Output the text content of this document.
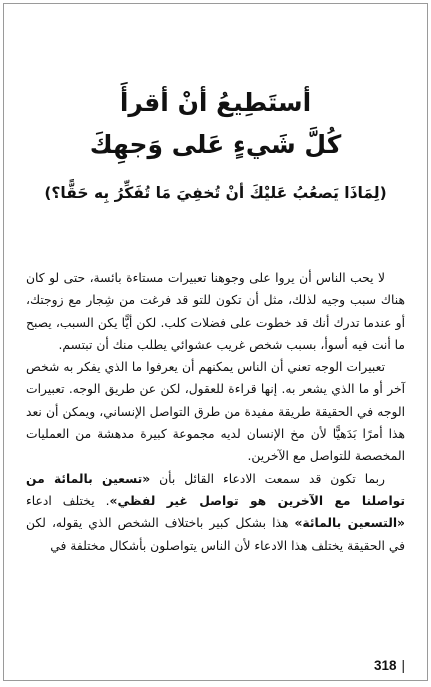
أستَطِيعُ أنْ أقرأَ
كُلَّ شَيءٍ عَلى وَجهِكَ
(لِمَاذَا يَصعُبُ عَليْكَ أنْ تُخفِيَ مَا تُفَكِّرُ بِه حَقًّا؟)

لا يحب الناس أن يروا على وجوهنا تعبيرات مستاءة بائسة، حتى لو كان هناك سبب وجيه لذلك، مثل أن تكون للتو قد فرغت من شِجار مع زوجتك، أو عندما تدرك أنك قد خطوت على فضلات كلب. لكن أيًّا يكن السبب، يصبح ما أنت فيه أسوأ، بسبب شخص غريب عشوائي يطلب منك أن تبتسم.

تعبيرات الوجه تعني أن الناس يمكنهم أن يعرفوا ما الذي يفكر به شخص آخر أو ما الذي يشعر به. إنها قراءة للعقول، لكن عن طريق الوجه. تعبيرات الوجه في الحقيقة طريقة مفيدة من طرق التواصل الإنساني، ويمكن أن نعد هذا أمرًا بَدَهيًّا لأن مخ الإنسان لديه مجموعة كبيرة مدهشة من العمليات المخصصة للتواصل مع الآخرين.

ربما تكون قد سمعت الادعاء القائل بأن «تسعين بالمائة من تواصلنا مع الآخرين هو تواصل غير لفظي». يختلف ادعاء «التسعين بالمائة» هذا بشكل كبير باختلاف الشخص الذي يقوله، لكن في الحقيقة يختلف هذا الادعاء لأن الناس يتواصلون بأشكال مختلفة في

318 |
